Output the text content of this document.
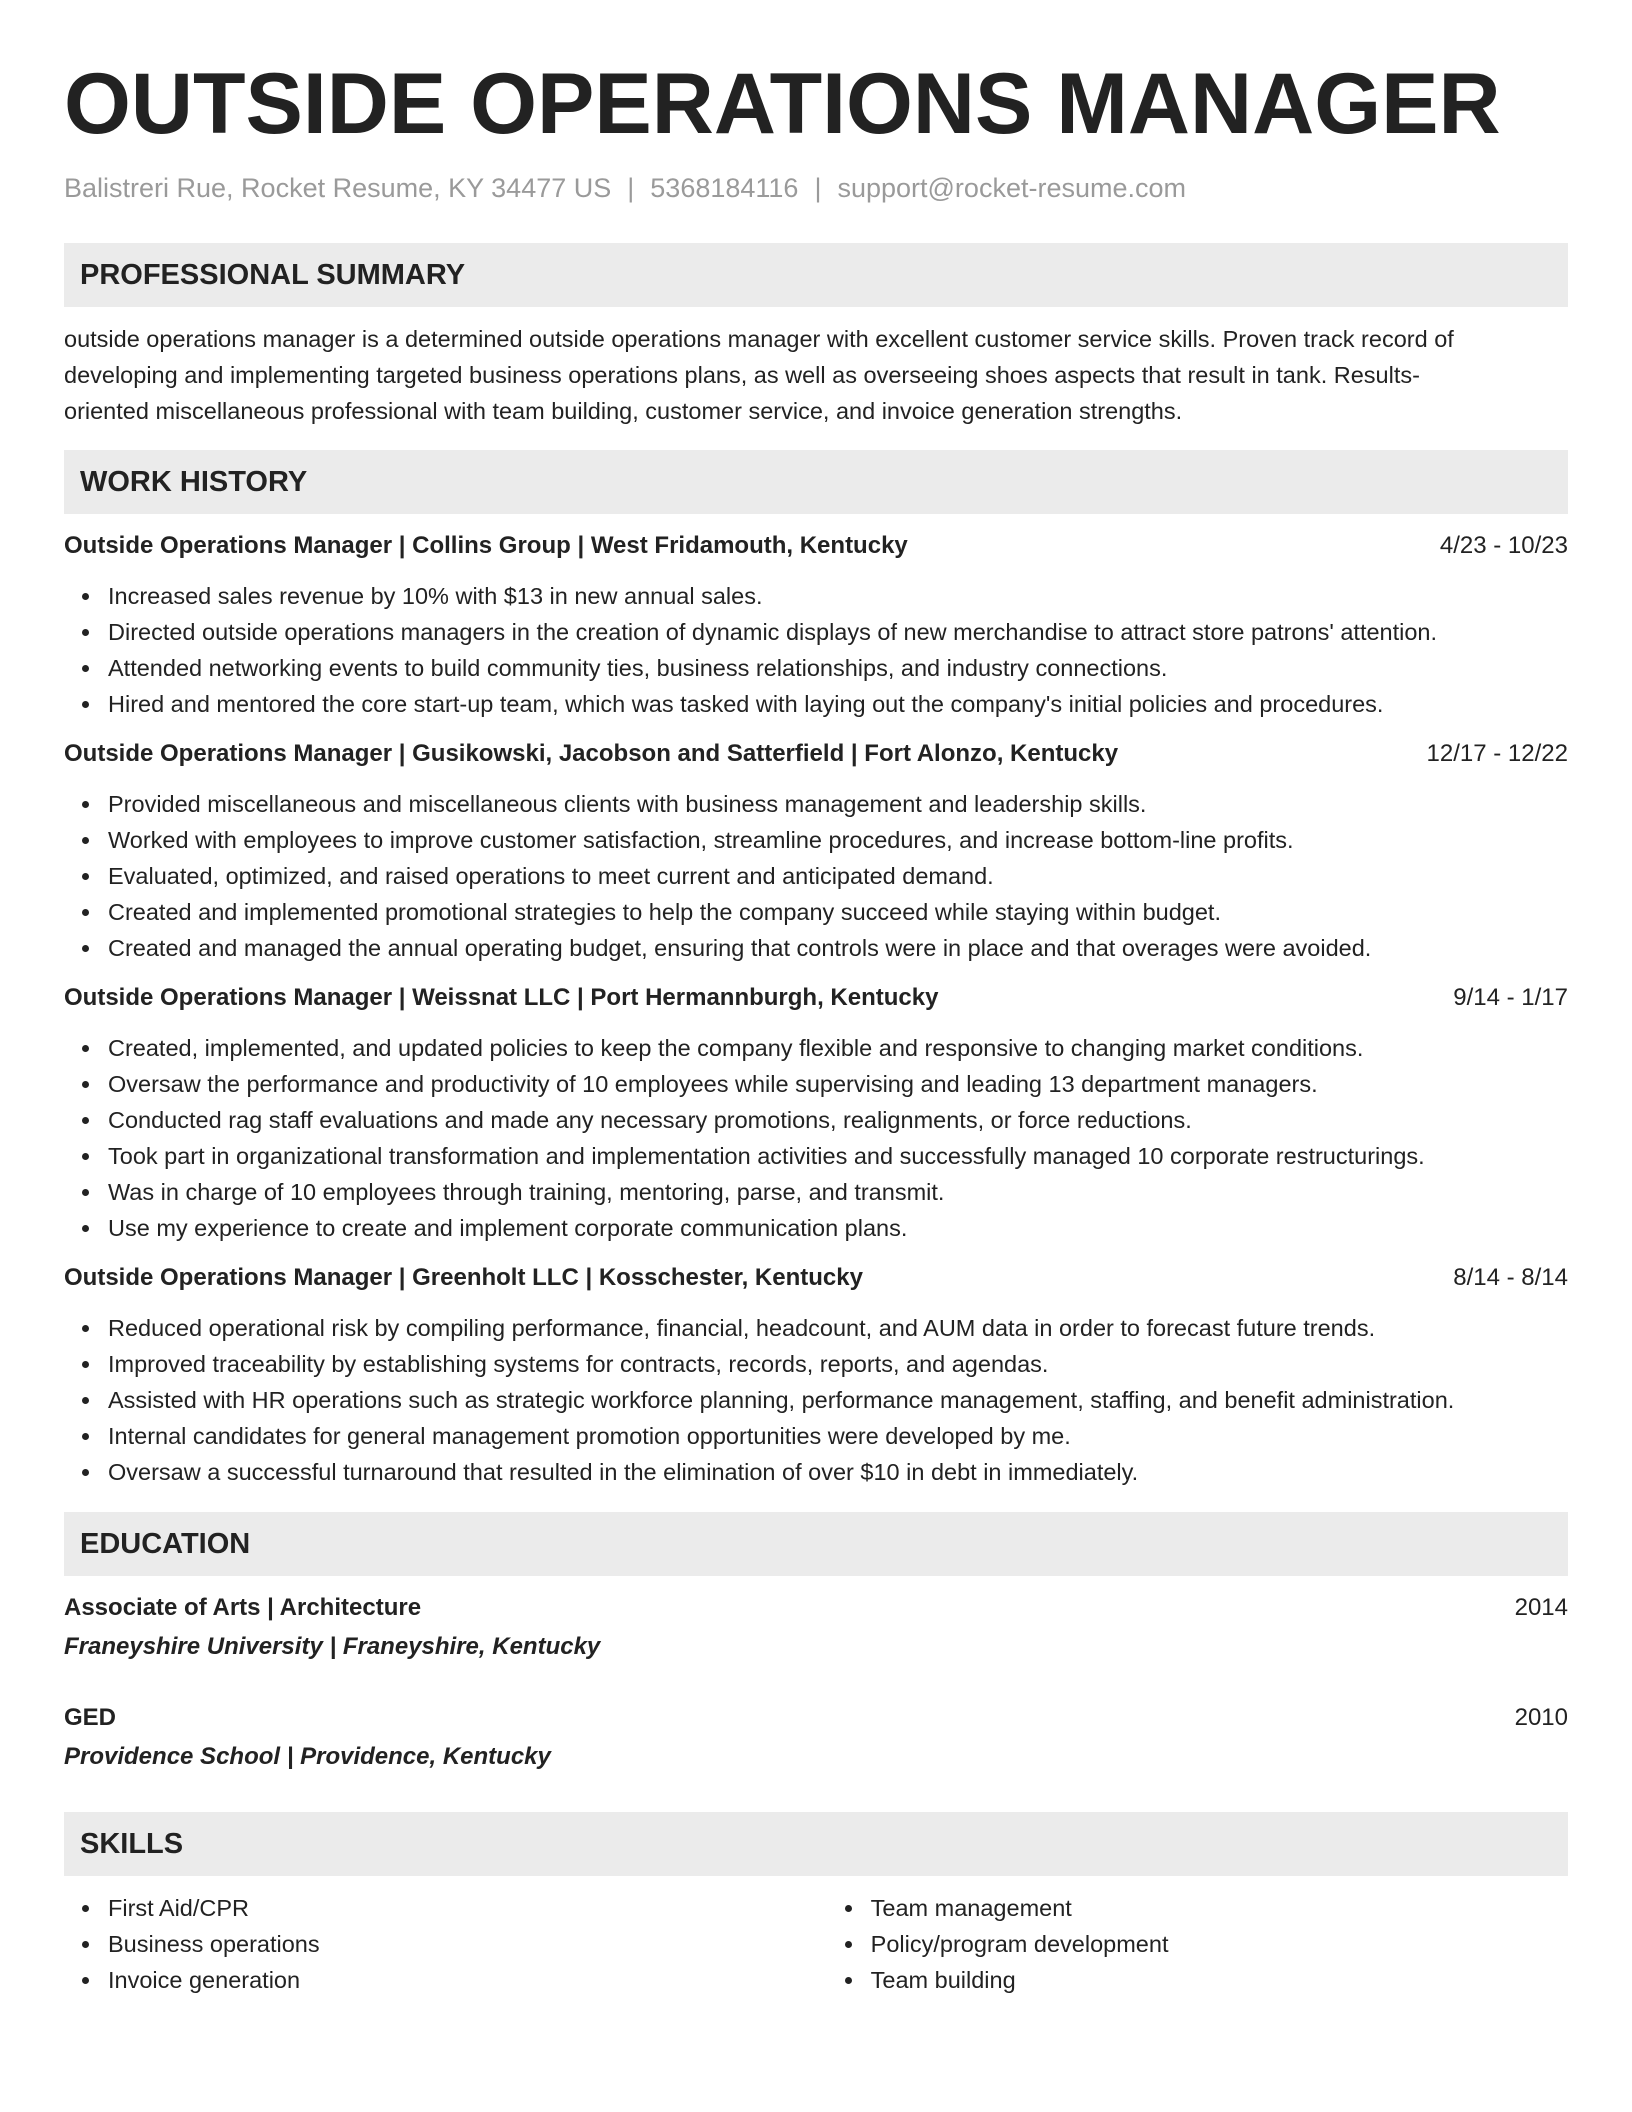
OUTSIDE OPERATIONS MANAGER
Balistreri Rue, Rocket Resume, KY 34477 US | 5368184116 | support@rocket-resume.com
PROFESSIONAL SUMMARY
outside operations manager is a determined outside operations manager with excellent customer service skills. Proven track record of
developing and implementing targeted business operations plans, as well as overseeing shoes aspects that result in tank. Results-
oriented miscellaneous professional with team building, customer service, and invoice generation strengths.
WORK HISTORY
Outside Operations Manager | Collins Group | West Fridamouth, Kentucky	4/23 - 10/23
Increased sales revenue by 10% with $13 in new annual sales.
Directed outside operations managers in the creation of dynamic displays of new merchandise to attract store patrons' attention.
Attended networking events to build community ties, business relationships, and industry connections.
Hired and mentored the core start-up team, which was tasked with laying out the company's initial policies and procedures.
Outside Operations Manager | Gusikowski, Jacobson and Satterfield | Fort Alonzo, Kentucky	12/17 - 12/22
Provided miscellaneous and miscellaneous clients with business management and leadership skills.
Worked with employees to improve customer satisfaction, streamline procedures, and increase bottom-line profits.
Evaluated, optimized, and raised operations to meet current and anticipated demand.
Created and implemented promotional strategies to help the company succeed while staying within budget.
Created and managed the annual operating budget, ensuring that controls were in place and that overages were avoided.
Outside Operations Manager | Weissnat LLC | Port Hermannburgh, Kentucky	9/14 - 1/17
Created, implemented, and updated policies to keep the company flexible and responsive to changing market conditions.
Oversaw the performance and productivity of 10 employees while supervising and leading 13 department managers.
Conducted rag staff evaluations and made any necessary promotions, realignments, or force reductions.
Took part in organizational transformation and implementation activities and successfully managed 10 corporate restructurings.
Was in charge of 10 employees through training, mentoring, parse, and transmit.
Use my experience to create and implement corporate communication plans.
Outside Operations Manager | Greenholt LLC | Kosschester, Kentucky	8/14 - 8/14
Reduced operational risk by compiling performance, financial, headcount, and AUM data in order to forecast future trends.
Improved traceability by establishing systems for contracts, records, reports, and agendas.
Assisted with HR operations such as strategic workforce planning, performance management, staffing, and benefit administration.
Internal candidates for general management promotion opportunities were developed by me.
Oversaw a successful turnaround that resulted in the elimination of over $10 in debt in immediately.
EDUCATION
Associate of Arts | Architecture	2014
Franeyshire University | Franeyshire, Kentucky
GED	2010
Providence School | Providence, Kentucky
SKILLS
First Aid/CPR
Business operations
Invoice generation
Team management
Policy/program development
Team building
